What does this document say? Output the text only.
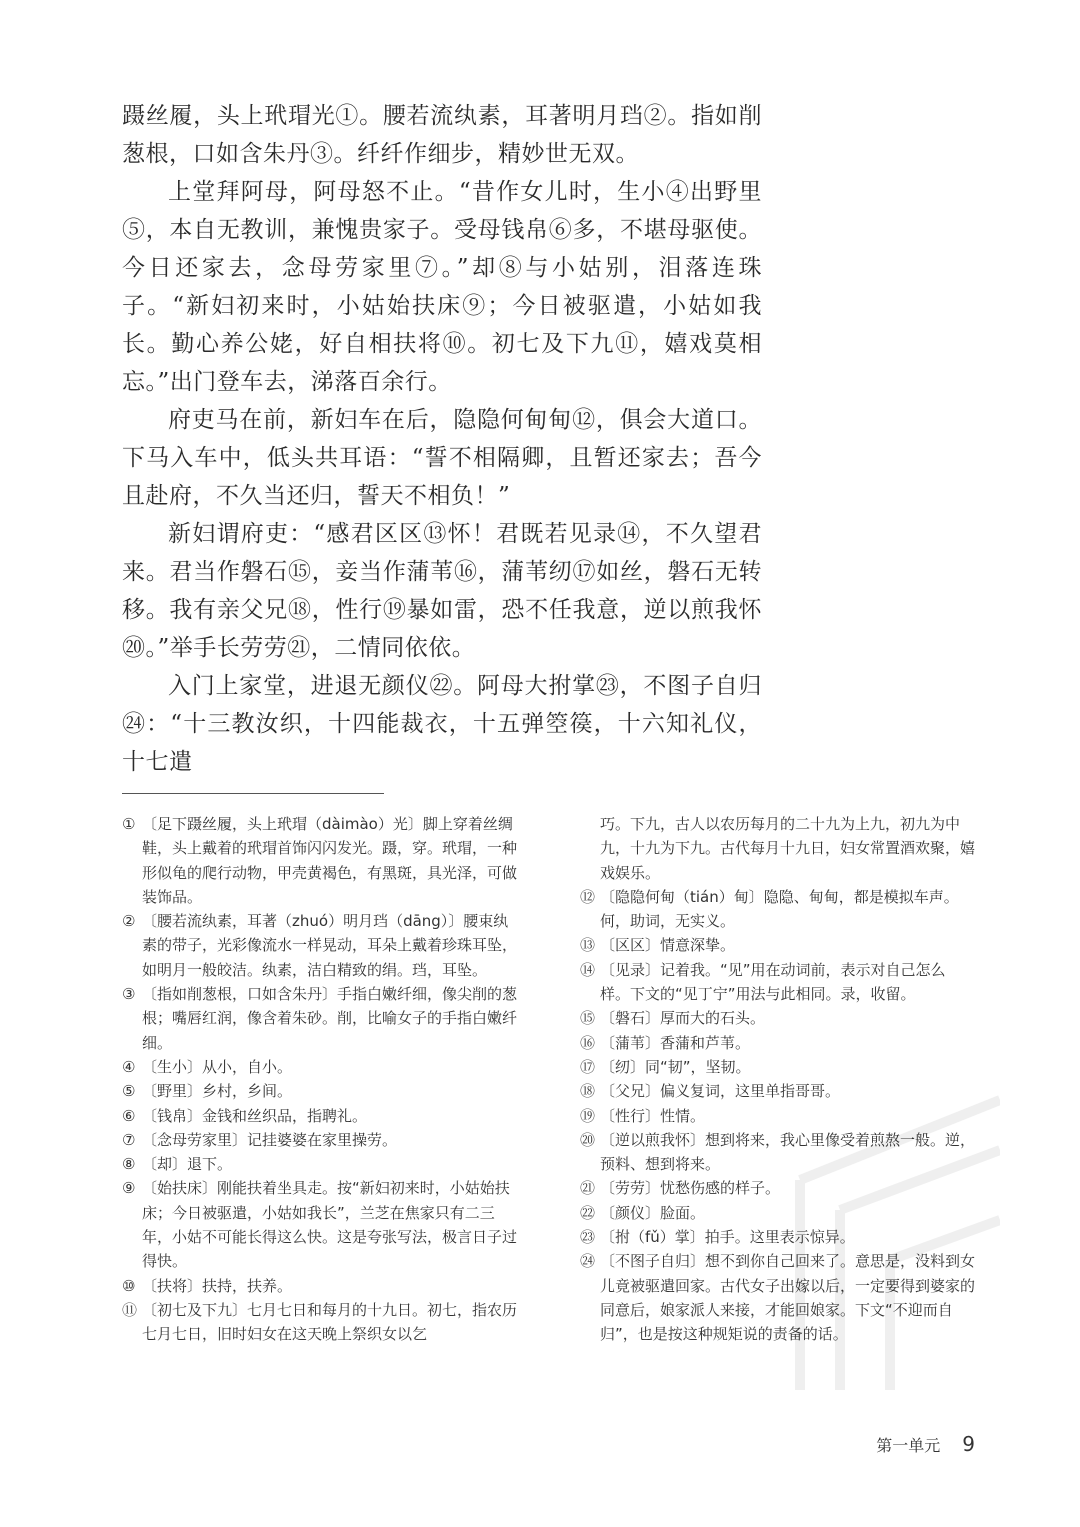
蹑丝履，头上玳瑁光①。腰若流纨素，耳著明月珰②。指如削葱根，口如含朱丹③。纤纤作细步，精妙世无双。

上堂拜阿母，阿母怒不止。“昔作女儿时，生小④出野里⑤，本自无教训，兼愧贵家子。受母钱帛⑥多，不堪母驱使。今日还家去，念母劳家里⑦。”却⑧与小姑别，泪落连珠子。“新妇初来时，小姑始扶床⑨；今日被驱遣，小姑如我长。勤心养公姥，好自相扶将⑩。初七及下九⑪，嬉戏莫相忘。”出门登车去，涕落百余行。

府吏马在前，新妇车在后，隐隐何甸甸⑫，俱会大道口。下马入车中，低头共耳语：“誓不相隔卿，且暂还家去；吾今且赴府，不久当还归，誓天不相负！”

新妇谓府吏：“感君区区⑬怀！君既若见录⑭，不久望君来。君当作磐石⑮，妾当作蒲苇⑯，蒲苇纫⑰如丝，磐石无转移。我有亲父兄⑱，性行⑲暴如雷，恐不任我意，逆以煎我怀⑳。”举手长劳劳㉑，二情同依依。

入门上家堂，进退无颜仪㉒。阿母大拊掌㉓，不图子自归㉔：“十三教汝织，十四能裁衣，十五弹箜篌，十六知礼仪，十七遣

① 〔足下蹑丝履，头上玳瑁（dàimào）光〕脚上穿着丝绸鞋，头上戴着的玳瑁首饰闪闪发光。蹑，穿。玳瑁，一种形似龟的爬行动物，甲壳黄褐色，有黑斑，具光泽，可做装饰品。

② 〔腰若流纨素，耳著（zhuó）明月珰（dāng）〕腰束纨素的带子，光彩像流水一样晃动，耳朵上戴着珍珠耳坠，如明月一般皎洁。纨素，洁白精致的绢。珰，耳坠。

③ 〔指如削葱根，口如含朱丹〕手指白嫩纤细，像尖削的葱根；嘴唇红润，像含着朱砂。削，比喻女子的手指白嫩纤细。

④ 〔生小〕从小，自小。

⑤ 〔野里〕乡村，乡间。

⑥ 〔钱帛〕金钱和丝织品，指聘礼。

⑦ 〔念母劳家里〕记挂婆婆在家里操劳。

⑧ 〔却〕退下。

⑨ 〔始扶床〕刚能扶着坐具走。按“新妇初来时，小姑始扶床；今日被驱遣，小姑如我长”，兰芝在焦家只有二三年，小姑不可能长得这么快。这是夸张写法，极言日子过得快。

⑩ 〔扶将〕扶持，扶养。

⑪ 〔初七及下九〕七月七日和每月的十九日。初七，指农历七月七日，旧时妇女在这天晚上祭织女以乞

巧。下九，古人以农历每月的二十九为上九，初九为中九，十九为下九。古代每月十九日，妇女常置酒欢聚，嬉戏娱乐。

⑫ 〔隐隐何甸（tián）甸〕隐隐、甸甸，都是模拟车声。何，助词，无实义。

⑬ 〔区区〕情意深挚。

⑭ 〔见录〕记着我。“见”用在动词前，表示对自己怎么样。下文的“见丁宁”用法与此相同。录，收留。

⑮ 〔磐石〕厚而大的石头。

⑯ 〔蒲苇〕香蒲和芦苇。

⑰ 〔纫〕同“韧”，坚韧。

⑱ 〔父兄〕偏义复词，这里单指哥哥。

⑲ 〔性行〕性情。

⑳ 〔逆以煎我怀〕想到将来，我心里像受着煎熬一般。逆，预料、想到将来。

㉑ 〔劳劳〕忧愁伤感的样子。

㉒ 〔颜仪〕脸面。

㉓ 〔拊（fǔ）掌〕拍手。这里表示惊异。

㉔ 〔不图子自归〕想不到你自己回来了。意思是，没料到女儿竟被驱遣回家。古代女子出嫁以后，一定要得到婆家的同意后，娘家派人来接，才能回娘家。下文“不迎而自归”，也是按这种规矩说的责备的话。

第一单元 9
